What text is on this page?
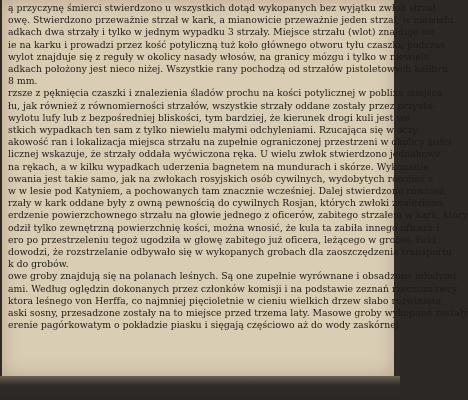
ą przyczynę śmierci stwierdzono u wszystkich dotąd wykopanych bez wyjątku zwłok strzał
owę. Stwierdzono przeważnie strzał w kark, a mianowicie przeważnie jeden strzał, w niewielu
adkach dwa strzały i tylko w jednym wypadku 3 strzały. Miejsce strzału (wlot) znajduje się
ie na karku i prowadzi przez kość potyliczną tuż koło głównego otworu tyłu czaszki, podczas
wylot znajduje się z reguły w okolicy nasady włosów, na granicy mózgu i tylko w niewielu
adkach położony jest nieco niżej. Wszystkie rany pochodzą od strzałów pistoletowych kalibru
8 mm.
rzsze z pęknięcia czaszki i znalezienia śladów prochu na kości potylicznej w pobliżu miejsca
łu, jak również z równomierności strzałów, wszystkie strzały oddane zostały przez przysta-
wylotu lufy lub z bezpośredniej bliskości, tym bardziej, że kierunek drogi kuli jest we
stkich wypadkach ten sam z tylko niewielu małymi odchyleniami. Rzucająca się w oczy
akowość ran i lokalizacja miejsca strzału na zupełnie ograniczonej przestrzeni w okolicy kości
licznej wskazuje, że strzały oddała wyćwiczona ręka. U wielu zwłok stwierdzono jednakowe
na rękach, a w kilku wypadkach uderzenia bagnetem na mundurach i skórze. Wykonanie
owania jest takie samo, jak na zwłokach rosyjskich osób cywilnych, wydobytych również z
w w lesie pod Katyniem, a pochowanych tam znacznie wcześniej. Dalej stwierdzono również,
rzały w kark oddane były z owną pewnością do cywilnych Rosjan, których zwłoki znaleziono.
erdzenie powierzchownego strzału na głowie jednego z oficerów, zabitego strzałem w kark, który
odził tylko zewnętrzną powierzchnię kości, można wnosić, że kula ta zabiła innego oficera i
ero po przestrzeleniu tegoż ugodziła w głowę zabitego już oficera, leżącego w grobie. Fakt
dowodzi, że rozstrzelanie odbywało się w wykopanych grobach dla zaoszczędzenia transportu
k do grobów.
owe groby znajdują się na polanach leśnych. Są one zupełnie wyrównane i obsadzone młodymi
ami. Według oględzin dokonanych przez członków komisji i na podstawie zeznań rzeczoznawcy
ktora leśnego von Herffa, co najmniej pięcioletnie w cieniu wielkich drzew słabo rozwinięte
aski sosny, przesadzone zostały na to miejsce przed trzema laty. Masowe groby wykopane zostały
erenie pagórkowatym o pokładzie piasku i sięgają częściowo aż do wody zaskórnej.
